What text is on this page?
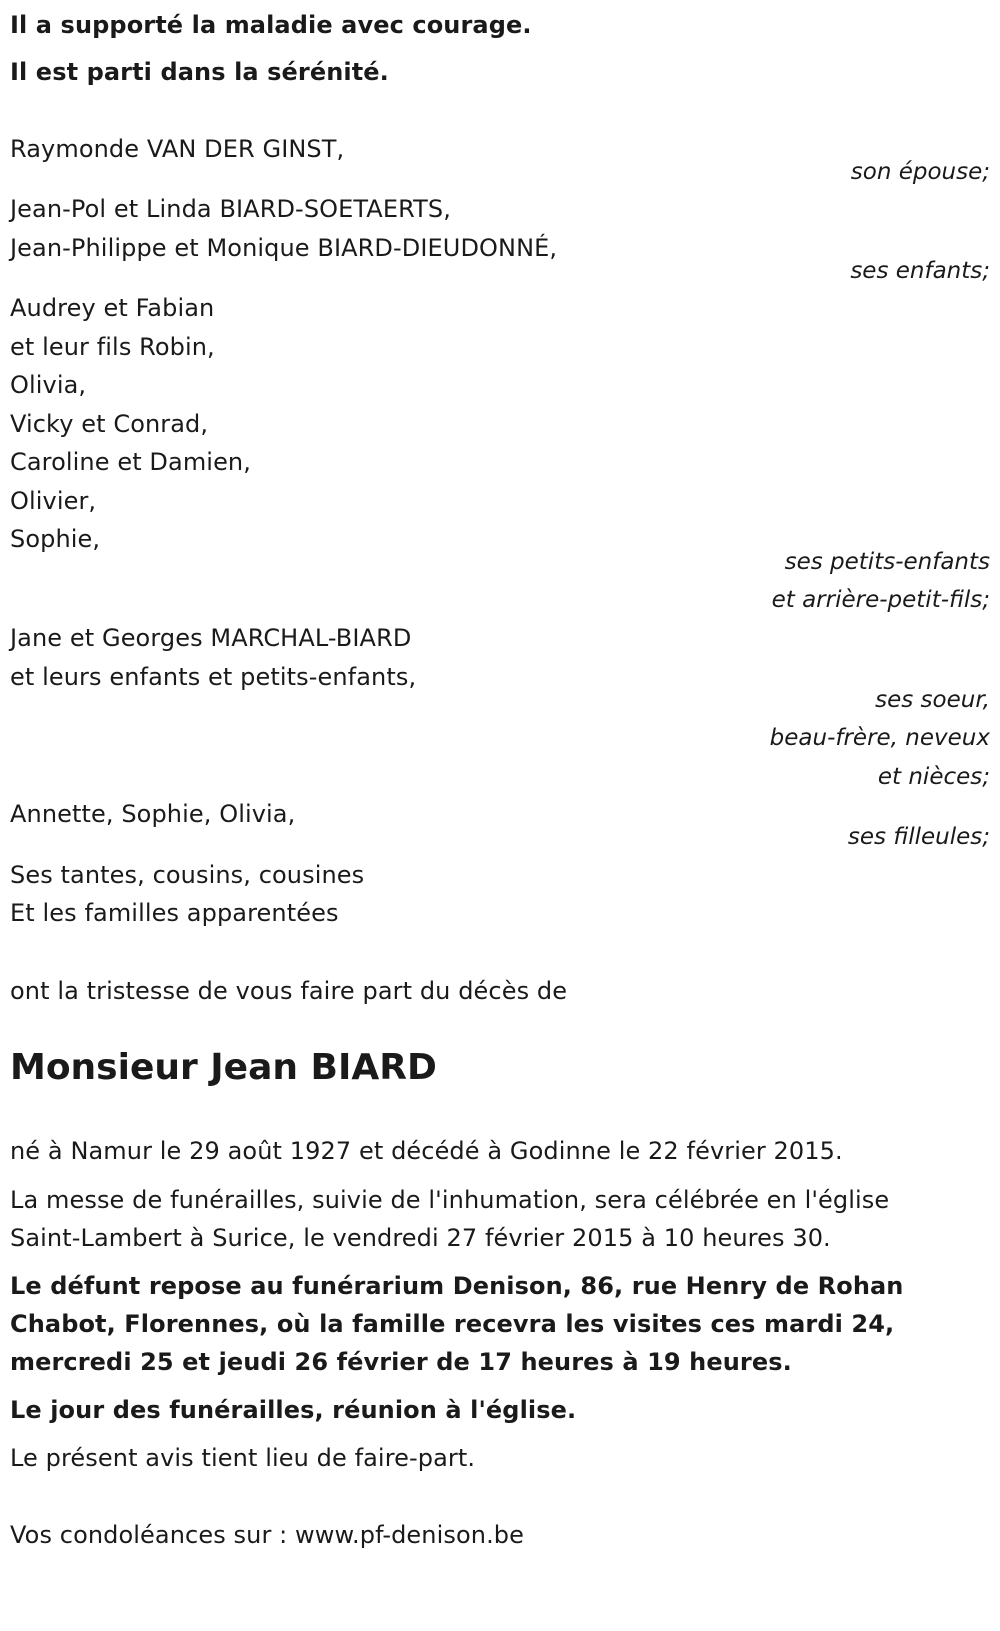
Il a supporté la maladie avec courage.

Il est parti dans la sérénité.

Raymonde VAN DER GINST,

son épouse;

Jean-Pol et Linda BIARD-SOETAERTS,

Jean-Philippe et Monique BIARD-DIEUDONNÉ,

ses enfants;

Audrey et Fabian

et leur fils Robin,

Olivia,

Vicky et Conrad,

Caroline et Damien,

Olivier,

Sophie,

ses petits-enfants

et arrière-petit-fils;

Jane et Georges MARCHAL-BIARD

et leurs enfants et petits-enfants,

ses soeur,

beau-frère, neveux

et nièces;

Annette, Sophie, Olivia,

ses filleules;

Ses tantes, cousins, cousines

Et les familles apparentées

ont la tristesse de vous faire part du décès de

Monsieur Jean BIARD

né à Namur le 29 août 1927 et décédé à Godinne le 22 février 2015.

La messe de funérailles, suivie de l'inhumation, sera célébrée en l'église

Saint-Lambert à Surice, le vendredi 27 février 2015 à 10 heures 30.

Le défunt repose au funérarium Denison, 86, rue Henry de Rohan

Chabot, Florennes, où la famille recevra les visites ces mardi 24,

mercredi 25 et jeudi 26 février de 17 heures à 19 heures.

Le jour des funérailles, réunion à l'église.

Le présent avis tient lieu de faire-part.

Vos condoléances sur : www.pf-denison.be
